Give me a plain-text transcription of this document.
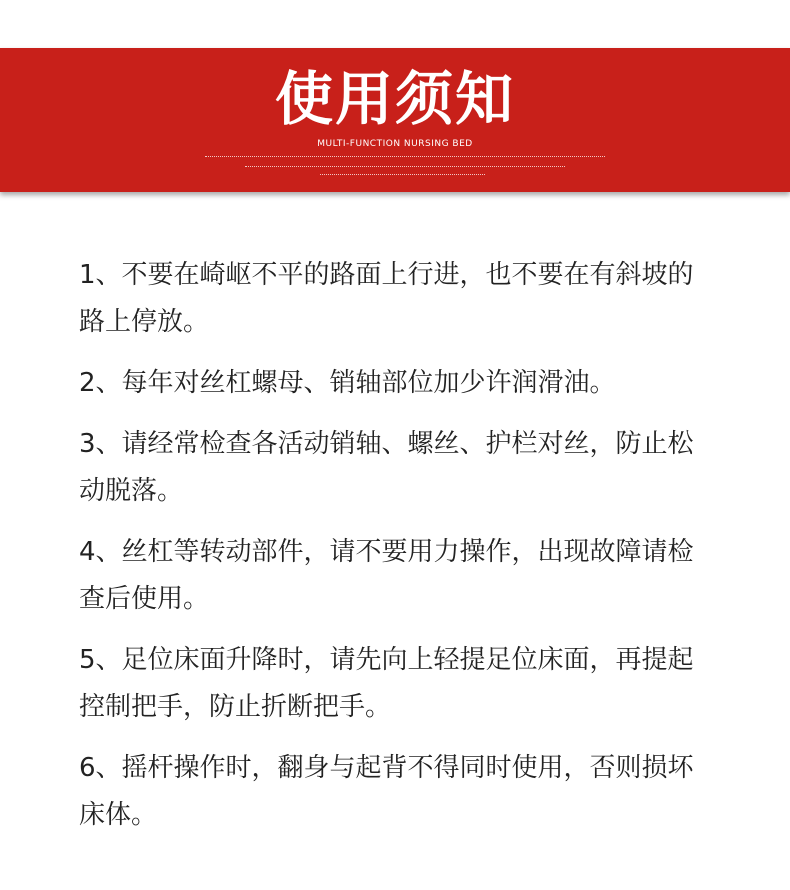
使用须知
MULTI-FUNCTION NURSING BED
1、不要在崎岖不平的路面上行进，也不要在有斜坡的路上停放。
2、每年对丝杠螺母、销轴部位加少许润滑油。
3、请经常检查各活动销轴、螺丝、护栏对丝，防止松动脱落。
4、丝杠等转动部件，请不要用力操作，出现故障请检查后使用。
5、足位床面升降时，请先向上轻提足位床面，再提起控制把手，防止折断把手。
6、摇杆操作时，翻身与起背不得同时使用，否则损坏床体。
